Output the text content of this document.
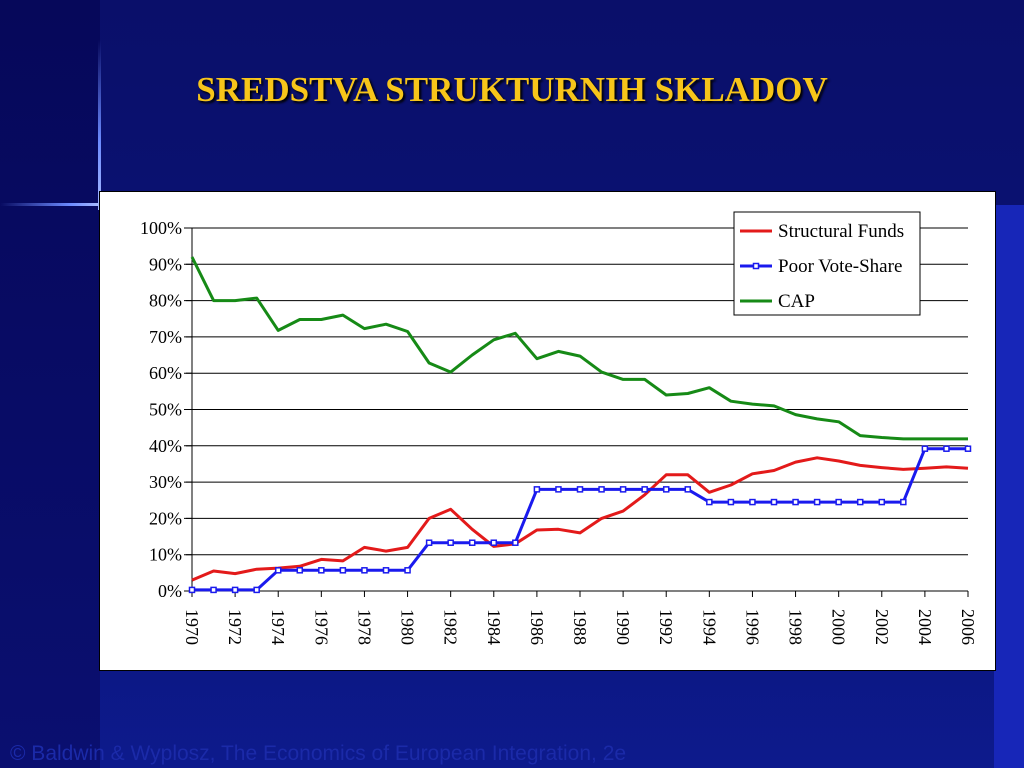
SREDSTVA STRUKTURNIH SKLADOV
0%
10%
20%
30%
40%
50%
60%
70%
80%
90%
100%
1970 1972 1974 1976 1978 1980 1982 1984 1986 1988 1990 1992 1994 1996 1998 2000 2002 2004 2006
Structural Funds
Poor Vote-Share
CAP
© Baldwin & Wyplosz, The Economics of European Integration, 2e
